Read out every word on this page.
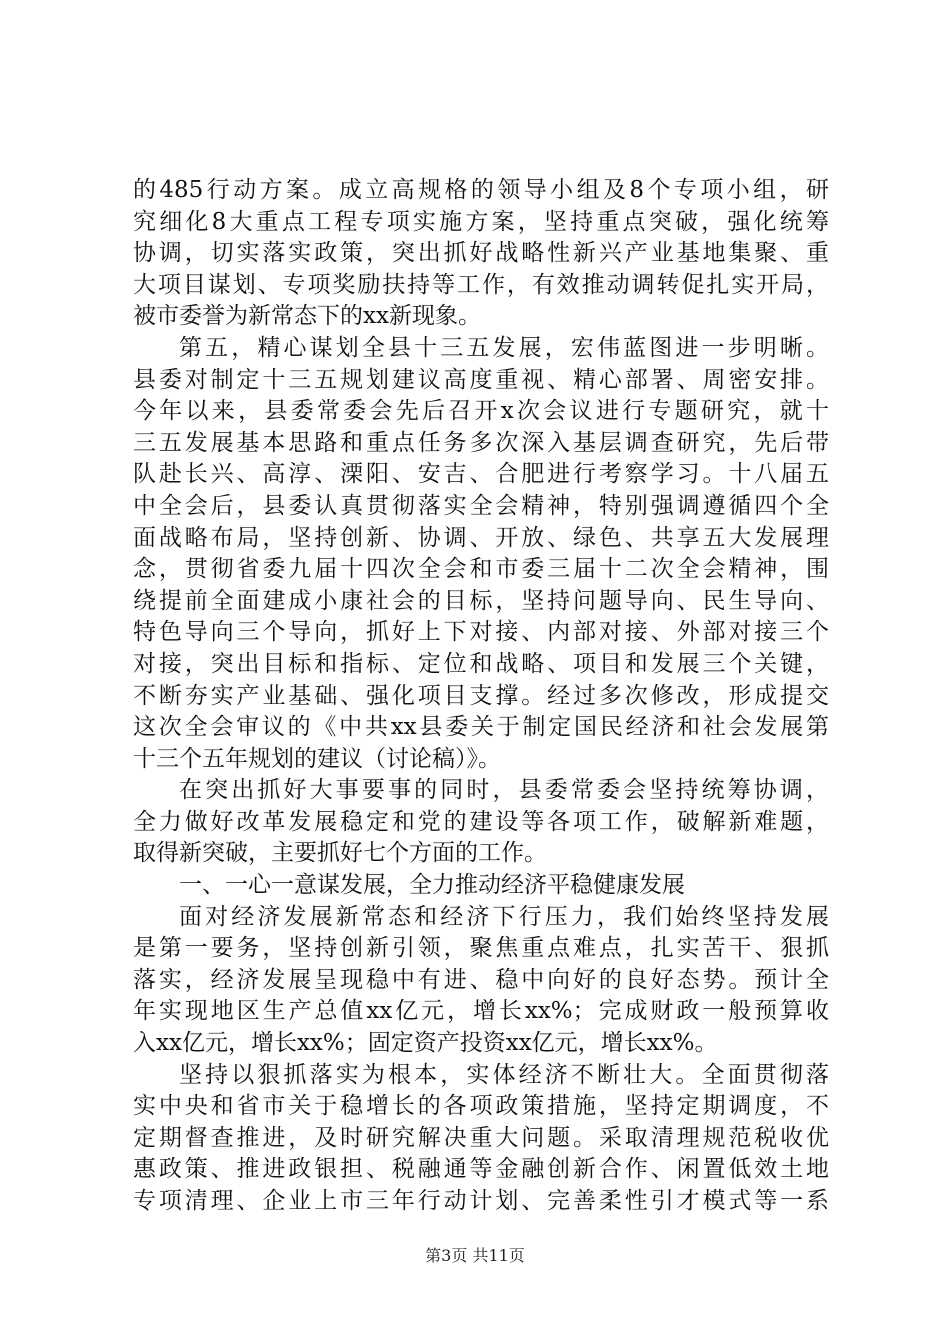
的485行动方案。成立高规格的领导小组及8个专项小组，研
究细化8大重点工程专项实施方案，坚持重点突破，强化统筹
协调，切实落实政策，突出抓好战略性新兴产业基地集聚、重
大项目谋划、专项奖励扶持等工作，有效推动调转促扎实开局，
被市委誉为新常态下的xx新现象。
第五，精心谋划全县十三五发展，宏伟蓝图进一步明晰。
县委对制定十三五规划建议高度重视、精心部署、周密安排。
今年以来，县委常委会先后召开x次会议进行专题研究，就十
三五发展基本思路和重点任务多次深入基层调查研究，先后带
队赴长兴、高淳、溧阳、安吉、合肥进行考察学习。十八届五
中全会后，县委认真贯彻落实全会精神，特别强调遵循四个全
面战略布局，坚持创新、协调、开放、绿色、共享五大发展理
念，贯彻省委九届十四次全会和市委三届十二次全会精神，围
绕提前全面建成小康社会的目标，坚持问题导向、民生导向、
特色导向三个导向，抓好上下对接、内部对接、外部对接三个
对接，突出目标和指标、定位和战略、项目和发展三个关键，
不断夯实产业基础、强化项目支撑。经过多次修改，形成提交
这次全会审议的《中共xx县委关于制定国民经济和社会发展第
十三个五年规划的建议（讨论稿）》。
在突出抓好大事要事的同时，县委常委会坚持统筹协调，
全力做好改革发展稳定和党的建设等各项工作，破解新难题，
取得新突破，主要抓好七个方面的工作。
一、一心一意谋发展，全力推动经济平稳健康发展
面对经济发展新常态和经济下行压力，我们始终坚持发展
是第一要务，坚持创新引领，聚焦重点难点，扎实苦干、狠抓
落实，经济发展呈现稳中有进、稳中向好的良好态势。预计全
年实现地区生产总值xx亿元，增长xx%；完成财政一般预算收
入xx亿元，增长xx%；固定资产投资xx亿元，增长xx%。
坚持以狠抓落实为根本，实体经济不断壮大。全面贯彻落
实中央和省市关于稳增长的各项政策措施，坚持定期调度，不
定期督查推进，及时研究解决重大问题。采取清理规范税收优
惠政策、推进政银担、税融通等金融创新合作、闲置低效土地
专项清理、企业上市三年行动计划、完善柔性引才模式等一系
第3页 共11页
